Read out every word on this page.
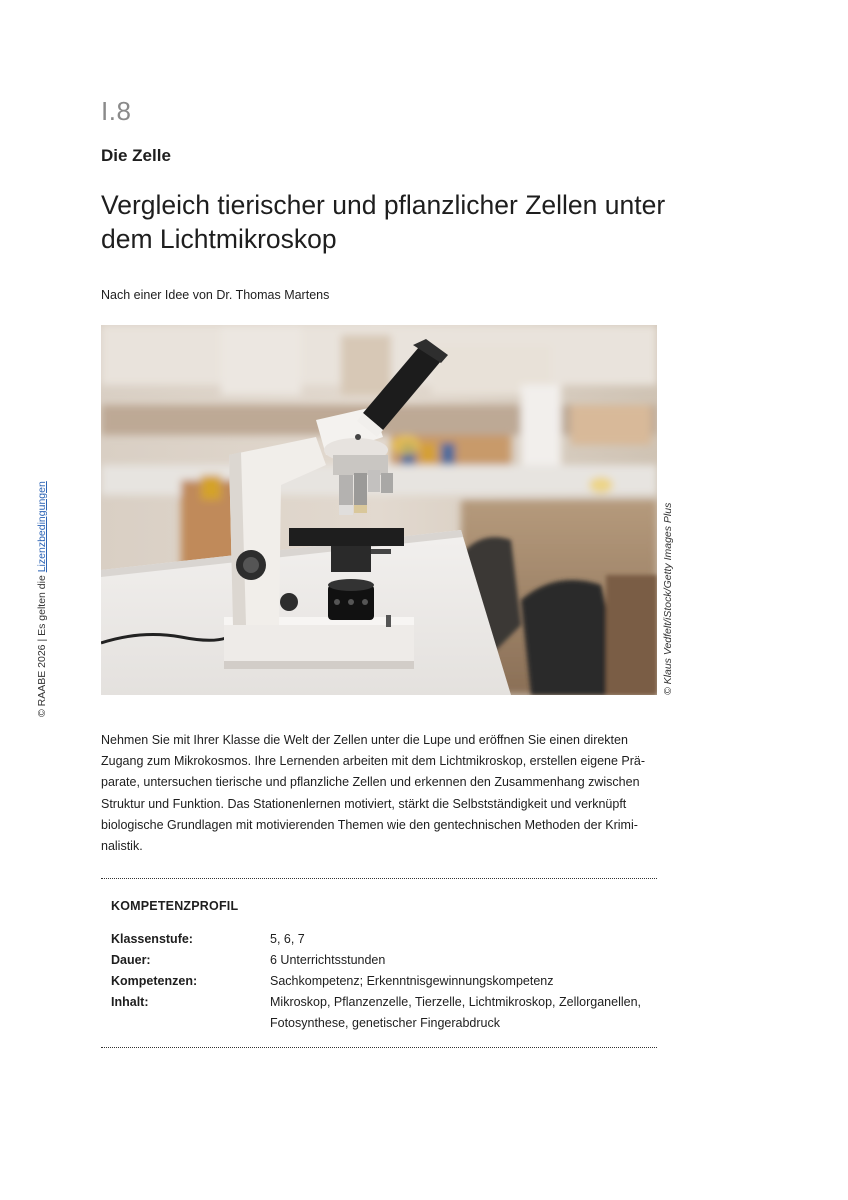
I.8
Die Zelle
Vergleich tierischer und pflanzlicher Zellen unter
dem Lichtmikroskop
Nach einer Idee von Dr. Thomas Martens
© Klaus Vedfelt/iStock/Getty Images Plus
© RAABE 2026 | Es gelten die Lizenzbedingungen
Nehmen Sie mit Ihrer Klasse die Welt der Zellen unter die Lupe und eröffnen Sie einen direkten
Zugang zum Mikrokosmos. Ihre Lernenden arbeiten mit dem Lichtmikroskop, erstellen eigene Prä-
parate, untersuchen tierische und pflanzliche Zellen und erkennen den Zusammenhang zwischen
Struktur und Funktion. Das Stationenlernen motiviert, stärkt die Selbstständigkeit und verknüpft
biologische Grundlagen mit motivierenden Themen wie den gentechnischen Methoden der Krimi-
nalistik.
KOMPETENZPROFIL
Klassenstufe:	5, 6, 7
Dauer:	6 Unterrichtsstunden
Kompetenzen:	Sachkompetenz; Erkenntnisgewinnungskompetenz
Inhalt:	Mikroskop, Pflanzenzelle, Tierzelle, Lichtmikroskop, Zellorganellen,
Fotosynthese, genetischer Fingerabdruck
